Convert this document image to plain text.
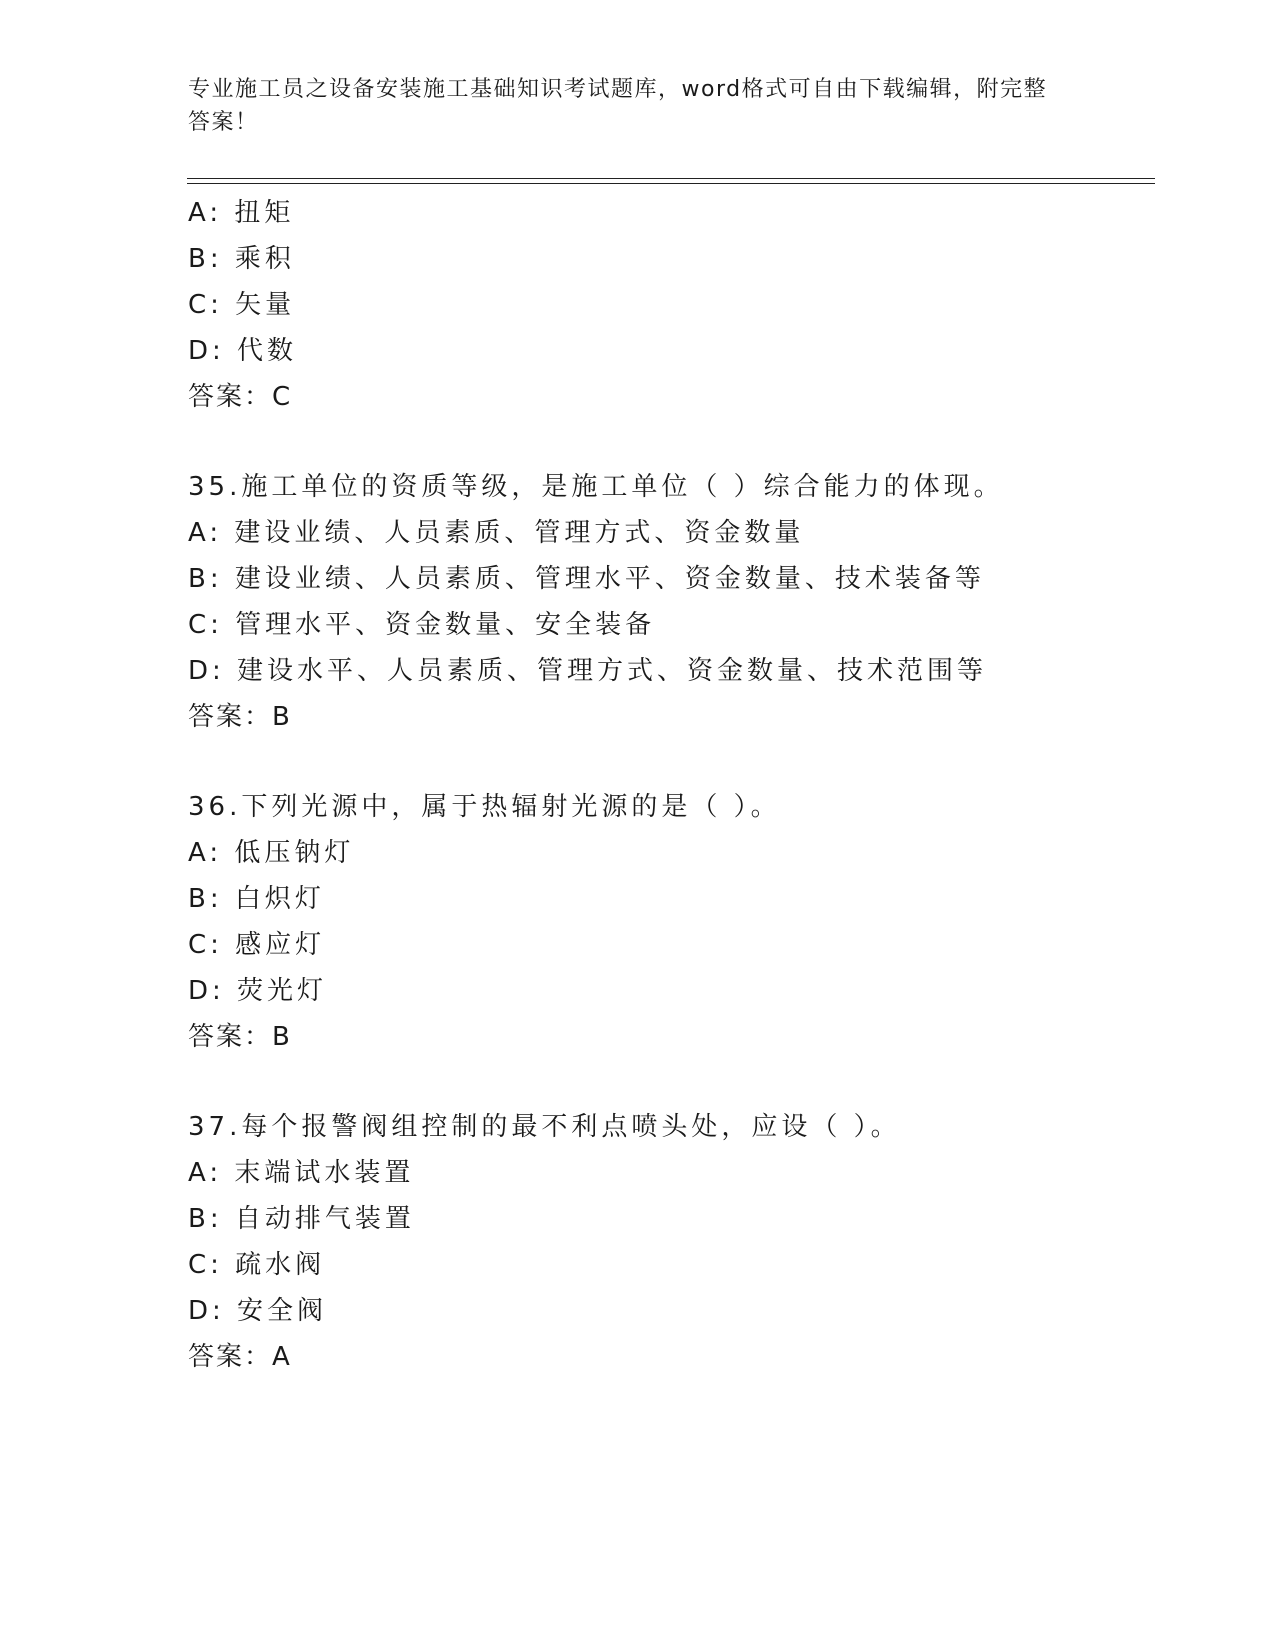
专业施工员之设备安装施工基础知识考试题库，word格式可自由下载编辑，附完整答案！

A: 扭矩

B: 乘积

C: 矢量

D: 代数

答案：C

35.施工单位的资质等级，是施工单位（ ）综合能力的体现。

A: 建设业绩、人员素质、管理方式、资金数量

B: 建设业绩、人员素质、管理水平、资金数量、技术装备等

C: 管理水平、资金数量、安全装备

D: 建设水平、人员素质、管理方式、资金数量、技术范围等

答案：B

36.下列光源中，属于热辐射光源的是（ ）。

A: 低压钠灯

B: 白炽灯

C: 感应灯

D: 荧光灯

答案：B

37.每个报警阀组控制的最不利点喷头处，应设（ ）。

A: 末端试水装置

B: 自动排气装置

C: 疏水阀

D: 安全阀

答案：A
